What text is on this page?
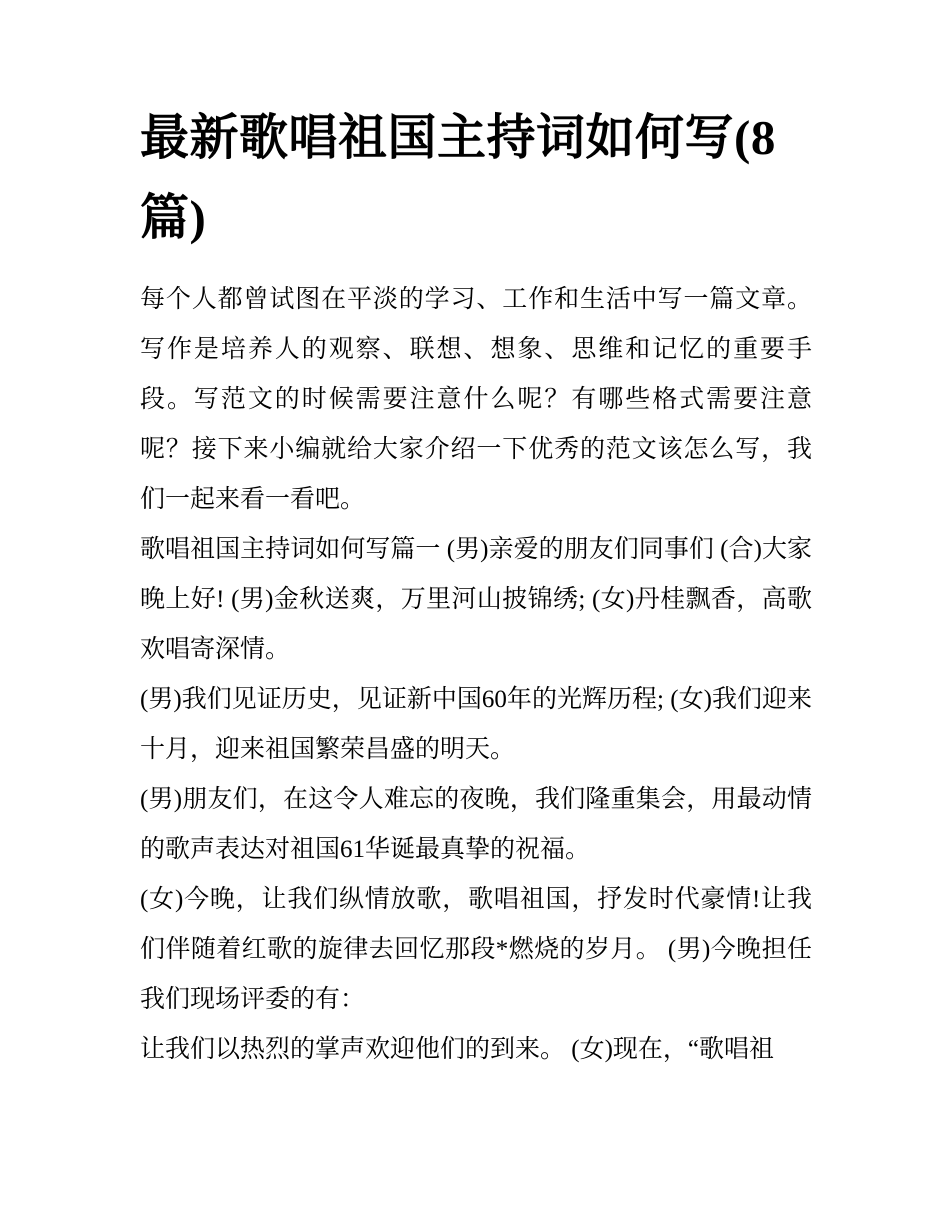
最新歌唱祖国主持词如何写(8篇)

每个人都曾试图在平淡的学习、工作和生活中写一篇文章。写作是培养人的观察、联想、想象、思维和记忆的重要手段。写范文的时候需要注意什么呢？有哪些格式需要注意呢？接下来小编就给大家介绍一下优秀的范文该怎么写，我们一起来看一看吧。

歌唱祖国主持词如何写篇一 (男)亲爱的朋友们同事们 (合)大家晚上好! (男)金秋送爽，万里河山披锦绣; (女)丹桂飘香，高歌欢唱寄深情。

(男)我们见证历史，见证新中国60年的光辉历程; (女)我们迎来十月，迎来祖国繁荣昌盛的明天。

(男)朋友们，在这令人难忘的夜晚，我们隆重集会，用最动情的歌声表达对祖国61华诞最真挚的祝福。

(女)今晚，让我们纵情放歌，歌唱祖国，抒发时代豪情!让我们伴随着红歌的旋律去回忆那段*燃烧的岁月。 (男)今晚担任我们现场评委的有：

让我们以热烈的掌声欢迎他们的到来。 (女)现在，“歌唱祖
